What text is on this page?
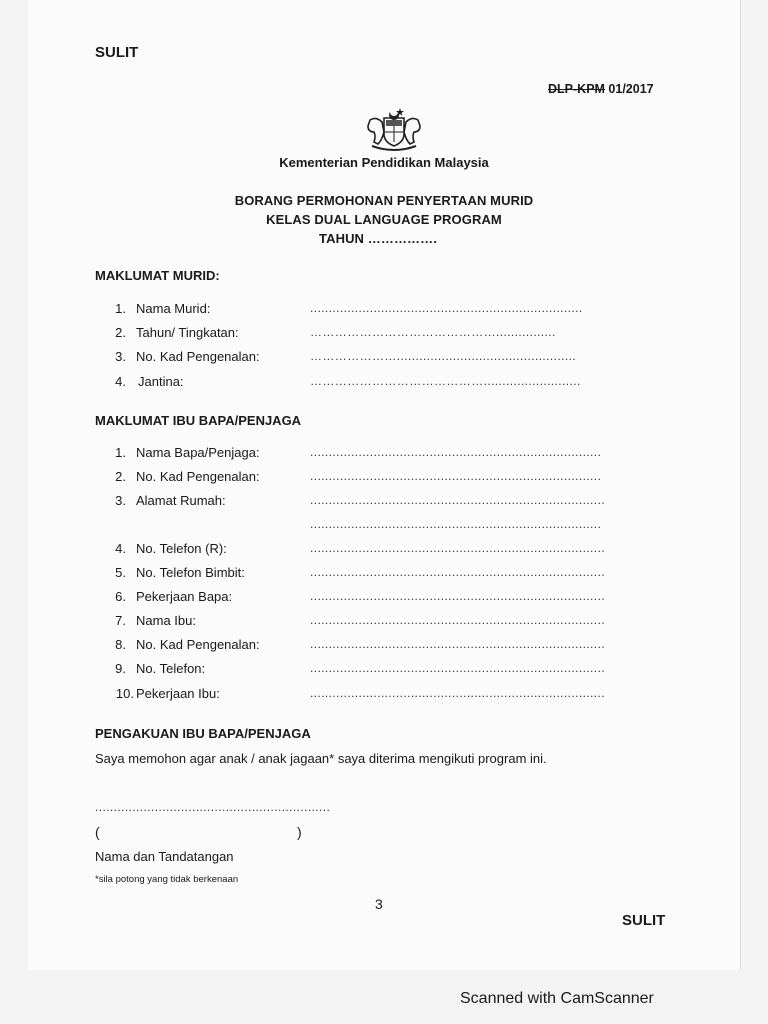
SULIT
DLP-KPM 01/2017
Kementerian Pendidikan Malaysia
BORANG PERMOHONAN PENYERTAAN MURID
KELAS DUAL LANGUAGE PROGRAM
TAHUN …………….
MAKLUMAT MURID:
1. Nama Murid:	.........................................................................
2. Tahun/ Tingkatan:	………………………………………................
3. No. Kad Pengenalan:	…………………................................................
4. Jantina:	……………………………………..........................
MAKLUMAT IBU BAPA/PENJAGA
1. Nama Bapa/Penjaga:	..............................................................................
2. No. Kad Pengenalan:	..............................................................................
3. Alamat Rumah:	...............................................................................
..............................................................................
4. No. Telefon (R):	...............................................................................
5. No. Telefon Bimbit:	...............................................................................
6. Pekerjaan Bapa:	...............................................................................
7. Nama Ibu:	...............................................................................
8. No. Kad Pengenalan:	...............................................................................
9. No. Telefon:	...............................................................................
10. Pekerjaan Ibu:	...............................................................................
PENGAKUAN IBU BAPA/PENJAGA
Saya memohon agar anak / anak jagaan* saya diterima mengikuti program ini.
...............................................................
(	)
Nama dan Tandatangan
*sila potong yang tidak berkenaan
3
SULIT
Scanned with CamScanner
